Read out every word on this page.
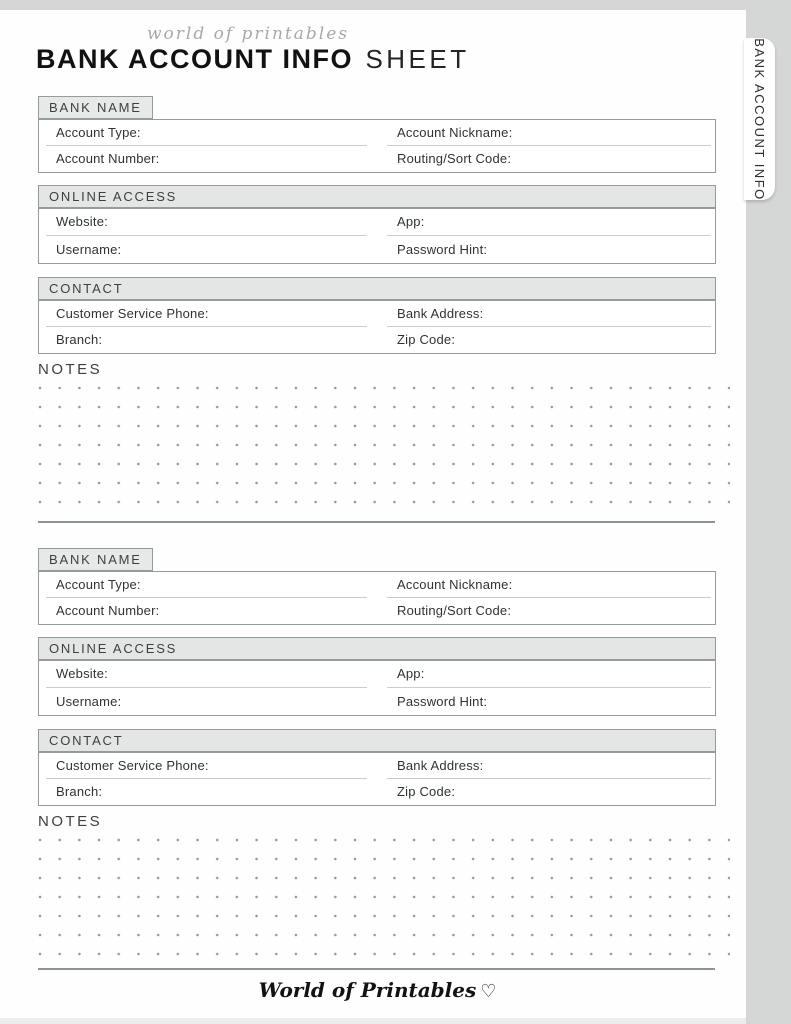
BANK ACCOUNT INFO
world of printables
BANK ACCOUNT INFO SHEET
BANK NAME
Account Type:	Account Nickname:
Account Number:	Routing/Sort Code:
ONLINE ACCESS
Website:	App:
Username:	Password Hint:
CONTACT
Customer Service Phone:	Bank Address:
Branch:	Zip Code:
NOTES
BANK NAME
Account Type:	Account Nickname:
Account Number:	Routing/Sort Code:
ONLINE ACCESS
Website:	App:
Username:	Password Hint:
CONTACT
Customer Service Phone:	Bank Address:
Branch:	Zip Code:
NOTES
World of Printables ♡
